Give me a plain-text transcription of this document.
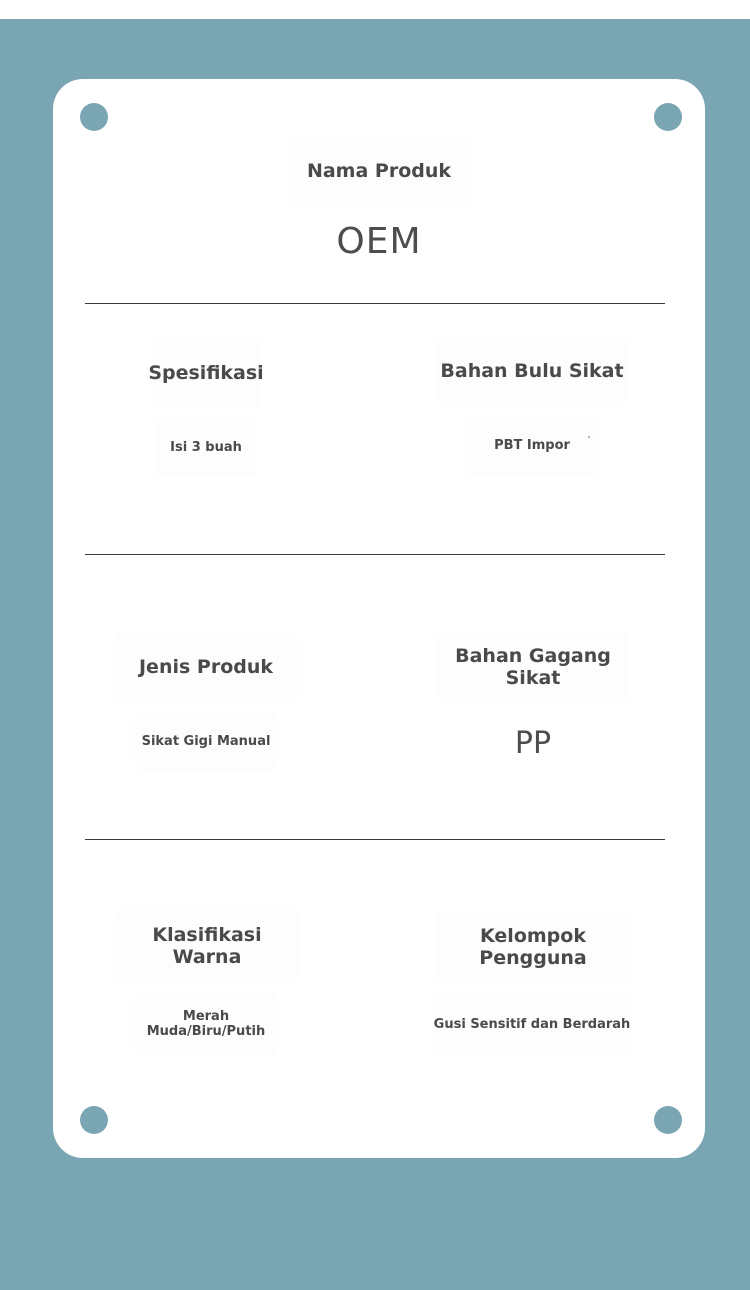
Nama Produk
OEM
Spesifikasi
Isi 3 buah
Bahan Bulu Sikat
PBT Impor
Jenis Produk
Sikat Gigi Manual
Bahan Gagang Sikat
PP
Klasifikasi Warna
Merah Muda/Biru/Putih
Kelompok Pengguna
Gusi Sensitif dan Berdarah
